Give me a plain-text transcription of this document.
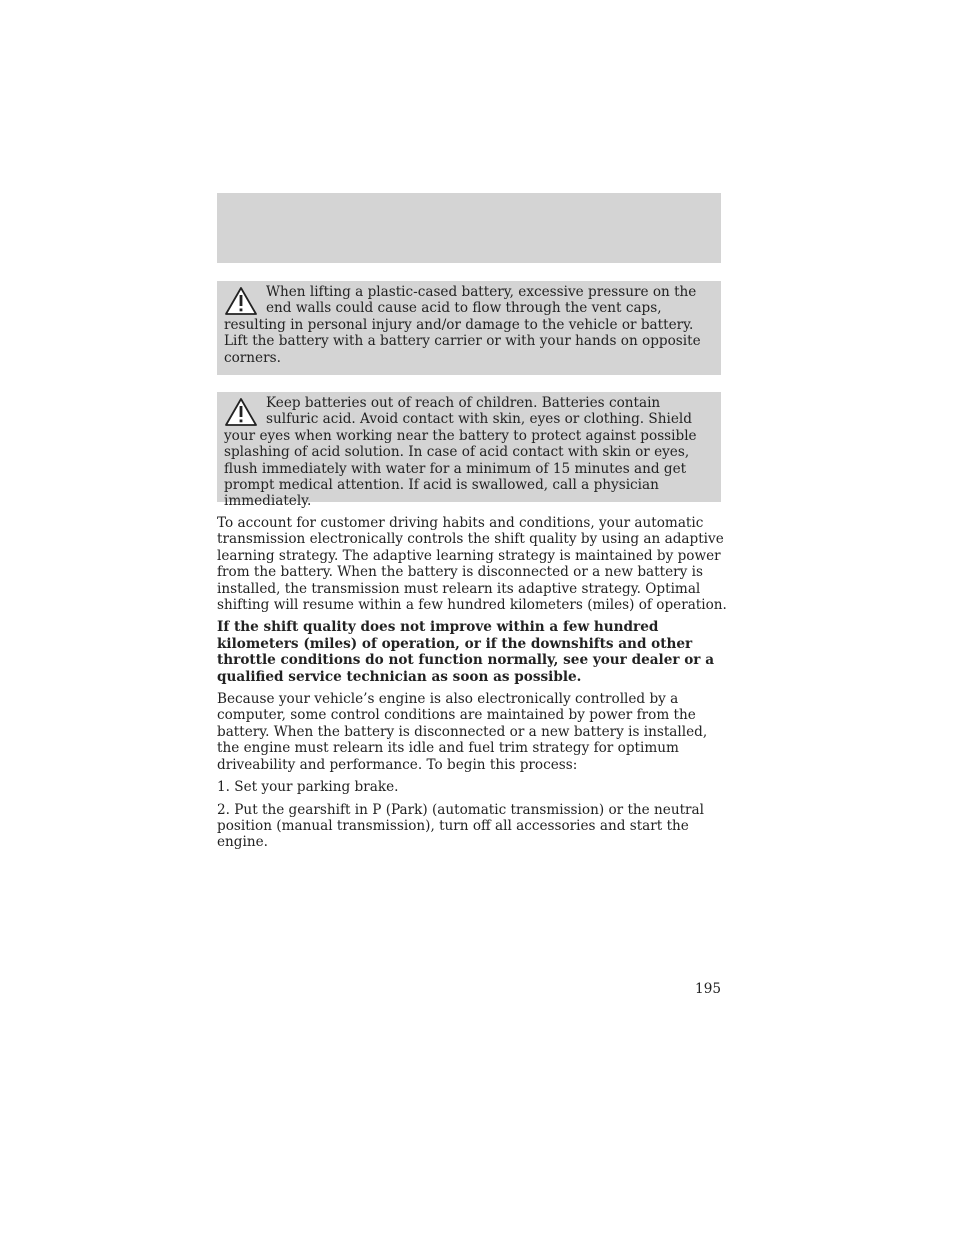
When lifting a plastic-cased battery, excessive pressure on the end walls could cause acid to flow through the vent caps, resulting in personal injury and/or damage to the vehicle or battery. Lift the battery with a battery carrier or with your hands on opposite corners.

Keep batteries out of reach of children. Batteries contain sulfuric acid. Avoid contact with skin, eyes or clothing. Shield your eyes when working near the battery to protect against possible splashing of acid solution. In case of acid contact with skin or eyes, flush immediately with water for a minimum of 15 minutes and get prompt medical attention. If acid is swallowed, call a physician immediately.

To account for customer driving habits and conditions, your automatic transmission electronically controls the shift quality by using an adaptive learning strategy. The adaptive learning strategy is maintained by power from the battery. When the battery is disconnected or a new battery is installed, the transmission must relearn its adaptive strategy. Optimal shifting will resume within a few hundred kilometers (miles) of operation.

If the shift quality does not improve within a few hundred kilometers (miles) of operation, or if the downshifts and other throttle conditions do not function normally, see your dealer or a qualified service technician as soon as possible.

Because your vehicle’s engine is also electronically controlled by a computer, some control conditions are maintained by power from the battery. When the battery is disconnected or a new battery is installed, the engine must relearn its idle and fuel trim strategy for optimum driveability and performance. To begin this process:

1. Set your parking brake.

2. Put the gearshift in P (Park) (automatic transmission) or the neutral position (manual transmission), turn off all accessories and start the engine.

195
